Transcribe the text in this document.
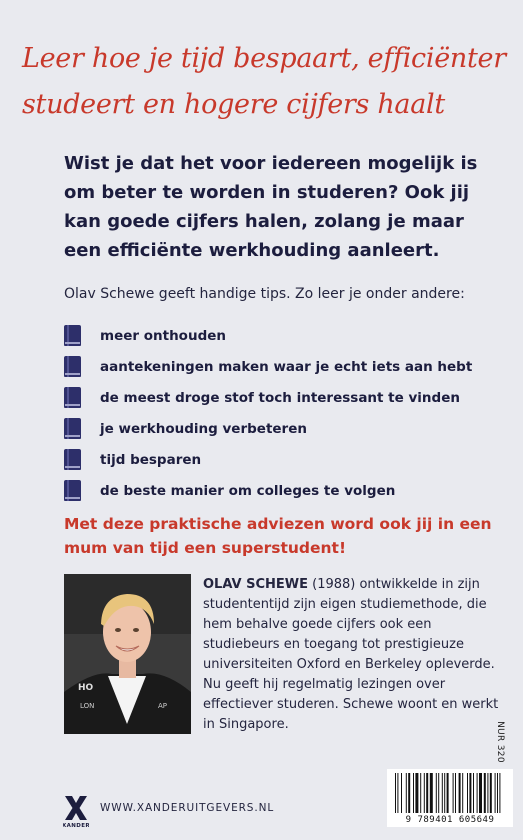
Leer hoe je tijd bespaart, efficiënter
studeert en hogere cijfers haalt
Wist je dat het voor iedereen mogelijk is om beter te worden in studeren? Ook jij kan goede cijfers halen, zolang je maar een efficiënte werkhouding aanleert.
Olav Schewe geeft handige tips. Zo leer je onder andere:
meer onthouden
aantekeningen maken waar je echt iets aan hebt
de meest droge stof toch interessant te vinden
je werkhouding verbeteren
tijd besparen
de beste manier om colleges te volgen
Met deze praktische adviezen word ook jij in een mum van tijd een superstudent!
HO
LON	AP
OLAV SCHEWE (1988) ontwikkelde in zijn studententijd zijn eigen studiemethode, die hem behalve goede cijfers ook een studiebeurs en toegang tot prestigieuze universiteiten Oxford en Berkeley opleverde. Nu geeft hij regelmatig lezingen over effectiever studeren. Schewe woont en werkt in Singapore.
XANDER
WWW.XANDERUITGEVERS.NL
NUR 320
9 789401 605649
